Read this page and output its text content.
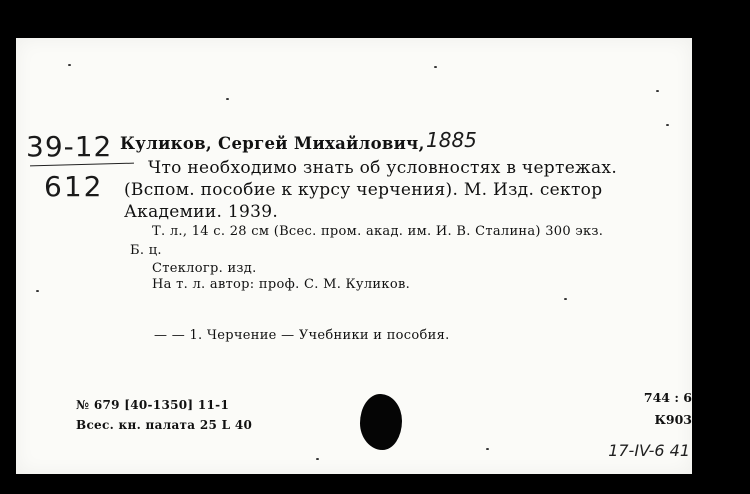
39-12
612
Куликов, Сергей Михайлович, 1885
Что необходимо знать об условностях в чертежах.
(Вспом. пособие к курсу черчения). М. Изд. сектор
Академии. 1939.
Т. л., 14 с. 28 см (Всес. пром. акад. им. И. В. Сталина) 300 экз.
Б. ц.
Стеклогр. изд.
На т. л. автор: проф. С. М. Куликов.
— — 1. Черчение — Учебники и пособия.
№ 679 [40-1350] 11-1
Всес. кн. палата 25 L 40
744 : 6
К903
17-IV-6 41
